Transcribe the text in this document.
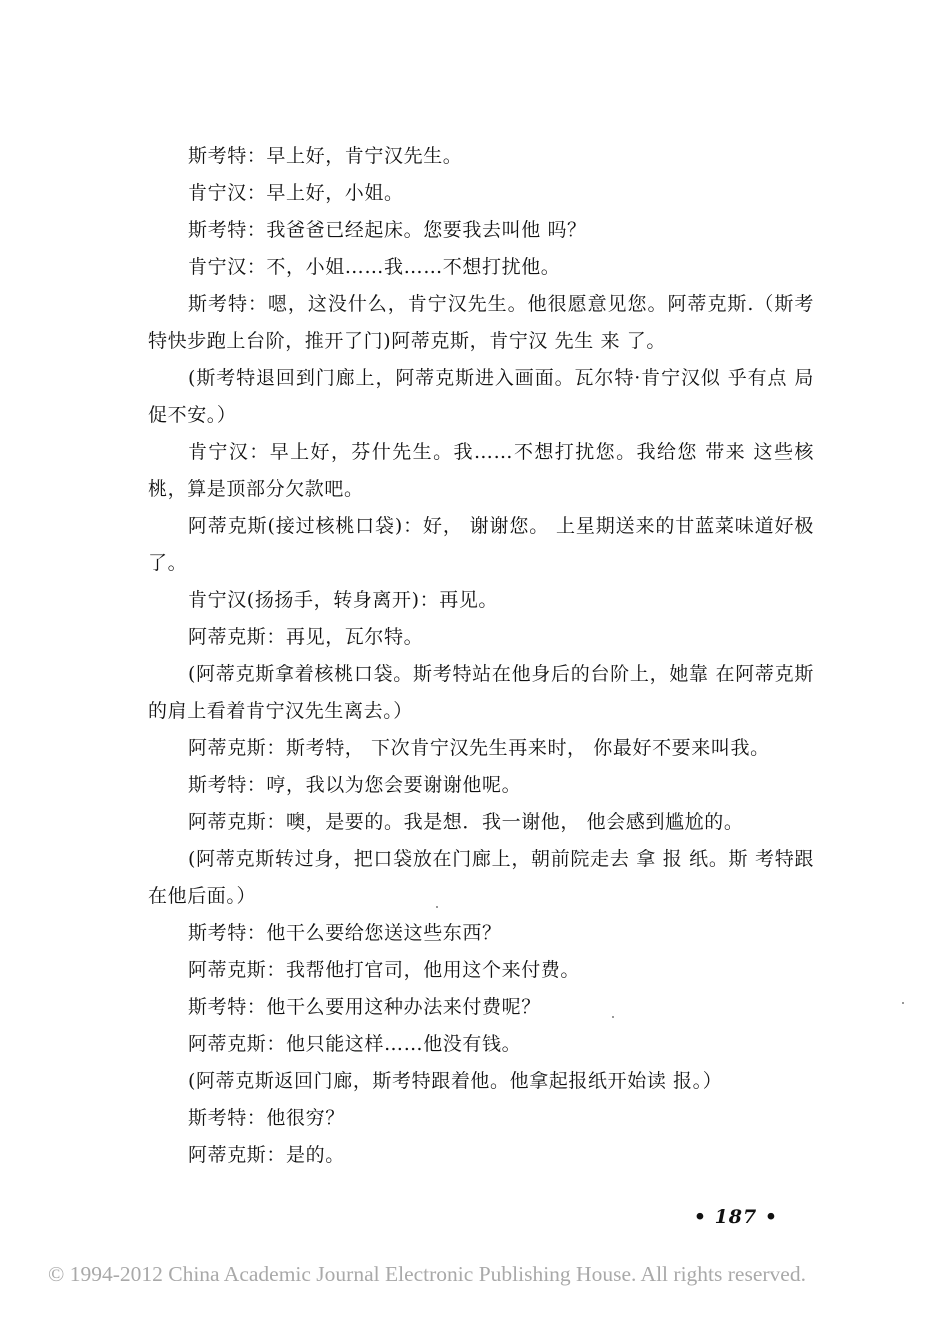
斯考特：早上好，肯宁汉先生。

肯宁汉：早上好，小姐。

斯考特：我爸爸已经起床。您要我去叫他 吗？

肯宁汉：不，小姐……我……不想打扰他。

斯考特：嗯，这没什么，肯宁汉先生。他很愿意见您。阿蒂克斯.（斯考特快步跑上台阶，推开了门)阿蒂克斯，肯宁汉 先生 来 了。

(斯考特退回到门廊上，阿蒂克斯进入画面。瓦尔特·肯宁汉似 乎有点 局促不安。）

肯宁汉：早上好，芬什先生。我……不想打扰您。我给您 带来 这些核桃，算是顶部分欠款吧。

阿蒂克斯(接过核桃口袋)：好， 谢谢您。 上星期送来的甘蓝菜味道好极了。

肯宁汉(扬扬手，转身离开)：再见。

阿蒂克斯：再见，瓦尔特。

(阿蒂克斯拿着核桃口袋。斯考特站在他身后的台阶上，她靠 在阿蒂克斯的肩上看着肯宁汉先生离去。）

阿蒂克斯：斯考特， 下次肯宁汉先生再来时， 你最好不要来叫我。

斯考特：哼，我以为您会要谢谢他呢。

阿蒂克斯：噢，是要的。我是想．我一谢他， 他会感到尴尬的。

(阿蒂克斯转过身，把口袋放在门廊上，朝前院走去 拿 报 纸。斯 考特跟在他后面。）

斯考特：他干么要给您送这些东西？

阿蒂克斯：我帮他打官司，他用这个来付费。

斯考特：他干么要用这种办法来付费呢？

阿蒂克斯：他只能这样……他没有钱。

(阿蒂克斯返回门廊，斯考特跟着他。他拿起报纸开始读 报。）

斯考特：他很穷？

阿蒂克斯：是的。

• 187 •
© 1994-2012 China Academic Journal Electronic Publishing House. All rights reserved.
